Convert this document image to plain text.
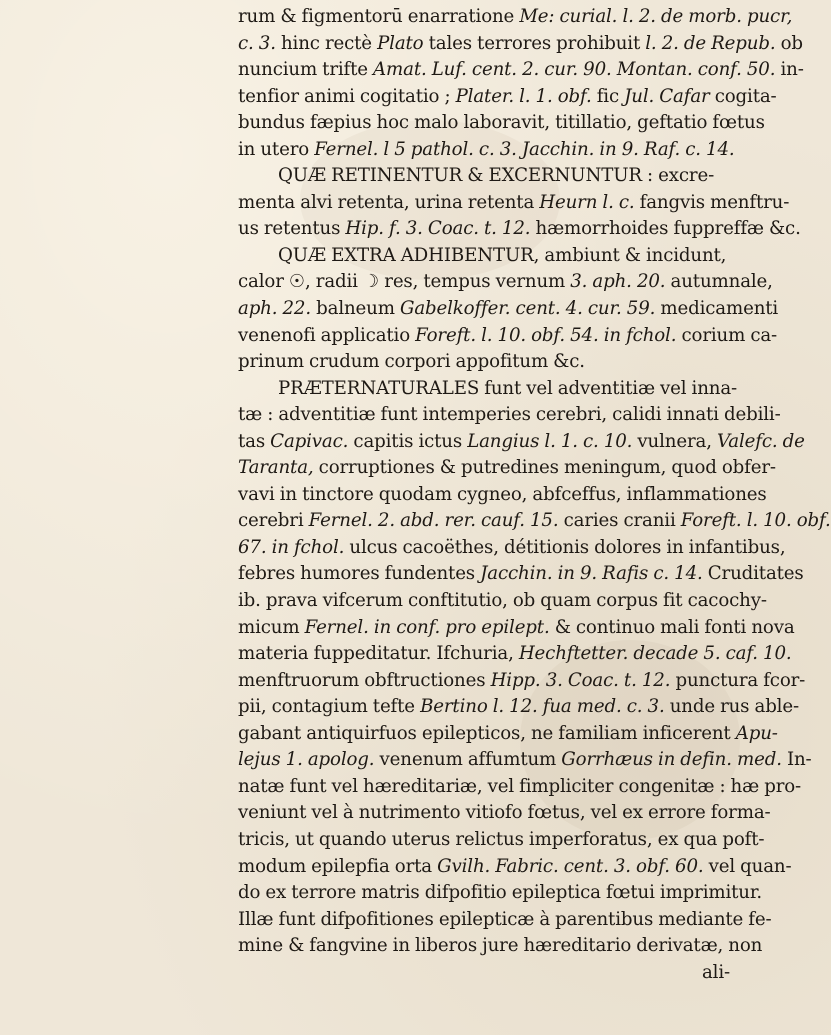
rum & figmentorū enarratione Me: curial. l. 2. de morb. pucr,
c. 3. hinc rectè Plato tales terrores prohibuit l. 2. de Repub. ob
nuncium trifte Amat. Luf. cent. 2. cur. 90. Montan. conf. 50. in-
tenfior animi cogitatio ; Plater. l. 1. obf. fic Jul. Cafar cogita-
bundus fæpius hoc malo laboravit, titillatio, geftatio fœtus
in utero Fernel. l 5 pathol. c. 3. Jacchin. in 9. Raf. c. 14.
QUÆ RETINENTUR & EXCERNUNTUR : excre-
menta alvi retenta, urina retenta Heurn l. c. fangvis menftru-
us retentus Hip. f. 3. Coac. t. 12. hæmorrhoides fuppreffæ &c.
QUÆ EXTRA ADHIBENTUR, ambiunt & incidunt,
calor ☉, radii ☽ res, tempus vernum 3. aph. 20. autumnale,
aph. 22. balneum Gabelkoffer. cent. 4. cur. 59. medicamenti
venenofi applicatio Foreft. l. 10. obf. 54. in fchol. corium ca-
prinum crudum corpori appofitum &c.
PRÆTERNATURALES funt vel adventitiæ vel inna-
tæ : adventitiæ funt intemperies cerebri, calidi innati debili-
tas Capivac. capitis ictus Langius l. 1. c. 10. vulnera, Valefc. de
Taranta, corruptiones & putredines meningum, quod obfer-
vavi in tinctore quodam cygneo, abfceffus, inflammationes
cerebri Fernel. 2. abd. rer. cauf. 15. caries cranii Foreft. l. 10. obf.
67. in fchol. ulcus cacoëthes, détitionis dolores in infantibus,
febres humores fundentes Jacchin. in 9. Rafis c. 14. Cruditates
ib. prava vifcerum conftitutio, ob quam corpus fit cacochy-
micum Fernel. in conf. pro epilept. & continuo mali fonti nova
materia fuppeditatur. Ifchuria, Hechftetter. decade 5. caf. 10.
menftruorum obftructiones Hipp. 3. Coac. t. 12. punctura fcor-
pii, contagium tefte Bertino l. 12. fua med. c. 3. unde rus able-
gabant antiquirfuos epilepticos, ne familiam inficerent Apu-
lejus 1. apolog. venenum affumtum Gorrhæus in defin. med. In-
natæ funt vel hæreditariæ, vel fimpliciter congenitæ : hæ pro-
veniunt vel à nutrimento vitiofo fœtus, vel ex errore forma-
tricis, ut quando uterus relictus imperforatus, ex qua poft-
modum epilepfia orta Gvilh. Fabric. cent. 3. obf. 60. vel quan-
do ex terrore matris difpofitio epileptica fœtui imprimitur.
Illæ funt difpofitiones epilepticæ à parentibus mediante fe-
mine & fangvine in liberos jure hæreditario derivatæ, non
ali-
